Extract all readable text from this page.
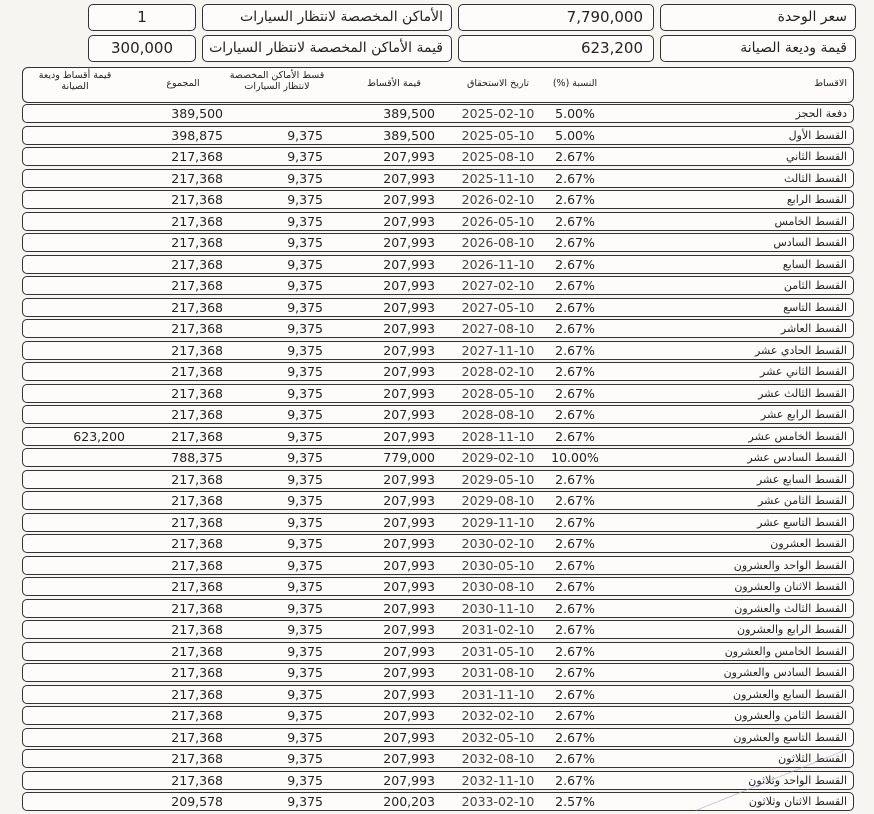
سعر الوحدة
7,790,000
الأماكن المخصصة لانتظار السيارات
1
قيمة وديعة الصيانة
623,200
قيمة الأماكن المخصصة لانتظار السيارات
300,000
الاقساط
النسبة (%)
تاريخ الاستحقاق
قيمة الأقساط
قسط الأماكن المخصصة لانتظار السيارات
المجموع
قيمة أقساط وديعة الصيانة
دفعة الحجز
5.00%
2025-02-10
389,500
389,500
القسط الأول
5.00%
2025-05-10
389,500
9,375
398,875
القسط الثاني
2.67%
2025-08-10
207,993
9,375
217,368
القسط الثالث
2.67%
2025-11-10
207,993
9,375
217,368
القسط الرابع
2.67%
2026-02-10
207,993
9,375
217,368
القسط الخامس
2.67%
2026-05-10
207,993
9,375
217,368
القسط السادس
2.67%
2026-08-10
207,993
9,375
217,368
القسط السابع
2.67%
2026-11-10
207,993
9,375
217,368
القسط الثامن
2.67%
2027-02-10
207,993
9,375
217,368
القسط التاسع
2.67%
2027-05-10
207,993
9,375
217,368
القسط العاشر
2.67%
2027-08-10
207,993
9,375
217,368
القسط الحادي عشر
2.67%
2027-11-10
207,993
9,375
217,368
القسط الثاني عشر
2.67%
2028-02-10
207,993
9,375
217,368
القسط الثالث عشر
2.67%
2028-05-10
207,993
9,375
217,368
القسط الرابع عشر
2.67%
2028-08-10
207,993
9,375
217,368
القسط الخامس عشر
2.67%
2028-11-10
207,993
9,375
217,368
623,200
القسط السادس عشر
10.00%
2029-02-10
779,000
9,375
788,375
القسط السابع عشر
2.67%
2029-05-10
207,993
9,375
217,368
القسط الثامن عشر
2.67%
2029-08-10
207,993
9,375
217,368
القسط التاسع عشر
2.67%
2029-11-10
207,993
9,375
217,368
القسط العشرون
2.67%
2030-02-10
207,993
9,375
217,368
القسط الواحد والعشرون
2.67%
2030-05-10
207,993
9,375
217,368
القسط الاثنان والعشرون
2.67%
2030-08-10
207,993
9,375
217,368
القسط الثالث والعشرون
2.67%
2030-11-10
207,993
9,375
217,368
القسط الرابع والعشرون
2.67%
2031-02-10
207,993
9,375
217,368
القسط الخامس والعشرون
2.67%
2031-05-10
207,993
9,375
217,368
القسط السادس والعشرون
2.67%
2031-08-10
207,993
9,375
217,368
القسط السابع والعشرون
2.67%
2031-11-10
207,993
9,375
217,368
القسط الثامن والعشرون
2.67%
2032-02-10
207,993
9,375
217,368
القسط التاسع والعشرون
2.67%
2032-05-10
207,993
9,375
217,368
القسط الثلاثون
2.67%
2032-08-10
207,993
9,375
217,368
القسط الواحد وثلاثون
2.67%
2032-11-10
207,993
9,375
217,368
القسط الاثنان وثلاثون
2.57%
2033-02-10
200,203
9,375
209,578
